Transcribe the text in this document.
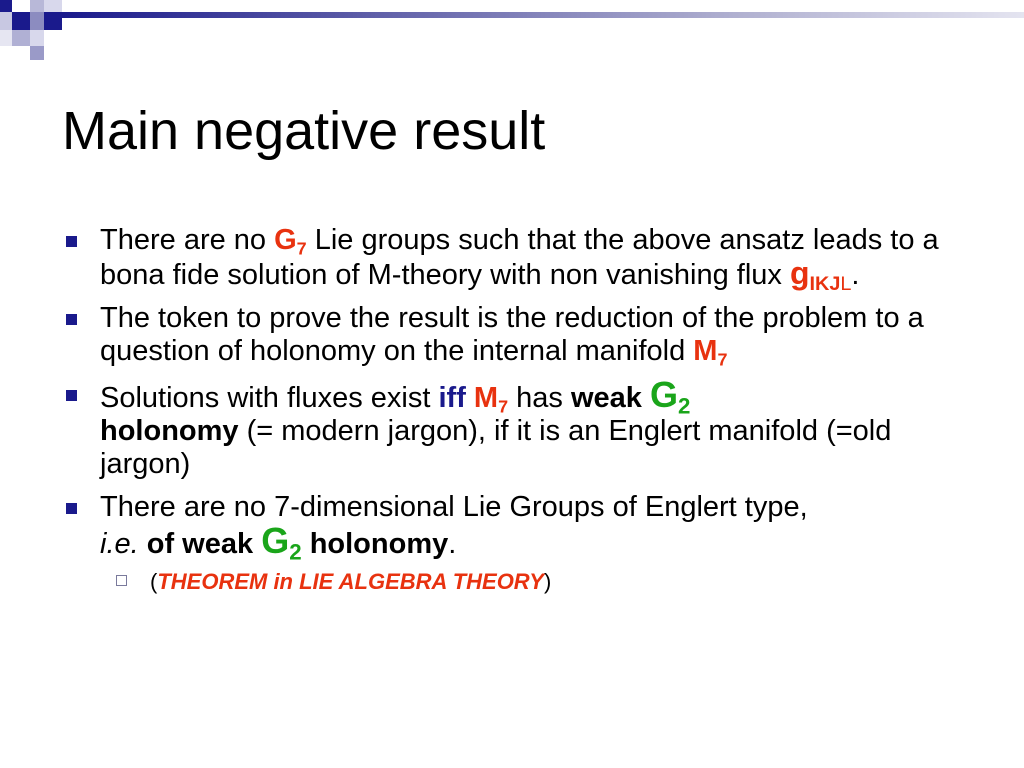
Main negative result
There are no $G_7$ Lie groups such that the above ansatz leads to a bona fide solution of M-theory with non vanishing flux $g_{IKJL}$.
The token to prove the result is the reduction of the problem to a question of holonomy on the internal manifold $M_7$
Solutions with fluxes exist iff $M_7$ has weak $G_2$
holonomy (= modern jargon), if it is an Englert manifold (=old jargon)
There are no 7-dimensional Lie Groups of Englert type,
i.e. of weak $G_2$ holonomy.
(THEOREM in LIE ALGEBRA THEORY)
